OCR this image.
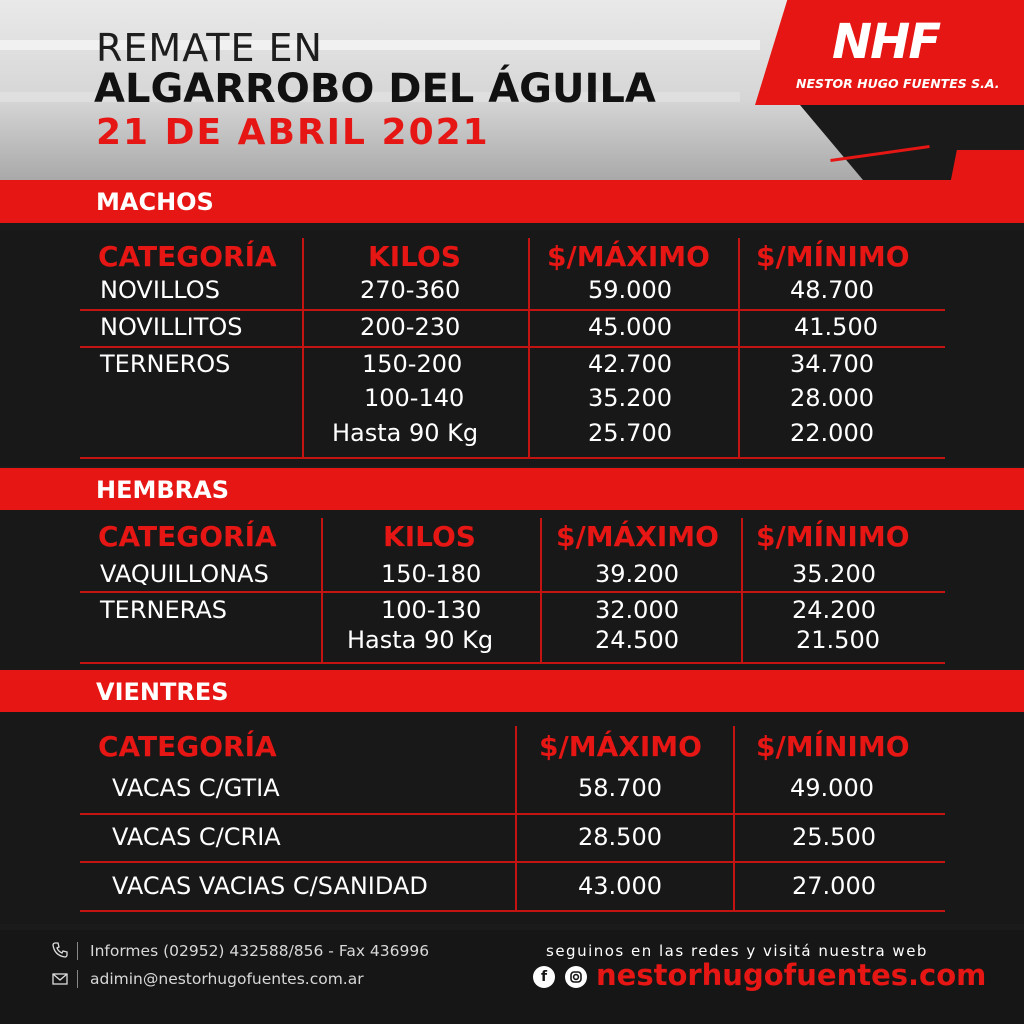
REMATE EN
ALGARROBO DEL ÁGUILA
21 DE ABRIL 2021
NHF
NESTOR HUGO FUENTES S.A.
MACHOS
CATEGORÍA	KILOS	$/MÁXIMO $/MÍNIMO
NOVILLOS	270-360	59.000	48.700
NOVILLITOS	200-230	45.000	41.500
TERNEROS	150-200	42.700	34.700
100-140	35.200	28.000
Hasta 90 Kg	25.700	22.000
HEMBRAS
CATEGORÍA	KILOS	$/MÁXIMO $/MÍNIMO
VAQUILLONAS	150-180	39.200	35.200
TERNERAS	100-130	32.000	24.200
Hasta 90 Kg	24.500	21.500
VIENTRES
CATEGORÍA	$/MÁXIMO $/MÍNIMO
VACAS C/GTIA	58.700	49.000
VACAS C/CRIA	28.500	25.500
VACAS VACIAS C/SANIDAD	43.000	27.000
Informes (02952) 432588/856 - Fax 436996
adimin@nestorhugofuentes.com.ar
seguinos en las redes y visitá nuestra web
f nestorhugofuentes.com
